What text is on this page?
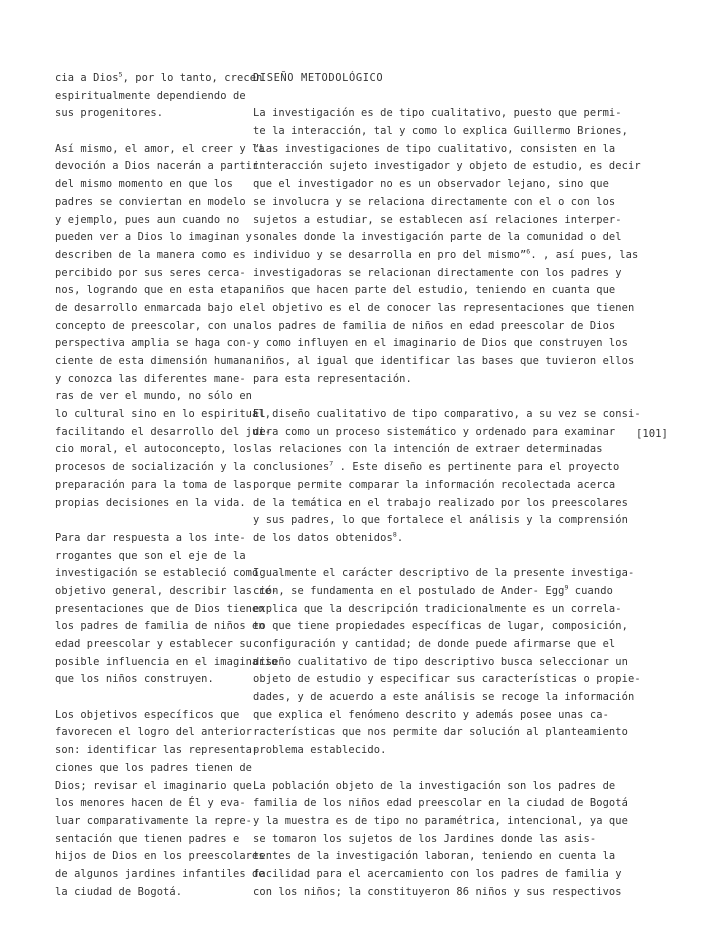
cia a Dios$^5$, por lo tanto, crecen
espiritualmente dependiendo de
sus progenitores.
Así mismo, el amor, el creer y la
devoción a Dios nacerán a partir
del mismo momento en que los
padres se conviertan en modelo
y ejemplo, pues aun cuando no
pueden ver a Dios lo imaginan y
describen de la manera como es
percibido por sus seres cerca-
nos, logrando que en esta etapa
de desarrollo enmarcada bajo el
concepto de preescolar, con una
perspectiva amplia se haga con-
ciente de esta dimensión humana
y conozca las diferentes mane-
ras de ver el mundo, no sólo en
lo cultural sino en lo espiritual,
facilitando el desarrollo del jui-
cio moral, el autoconcepto, los
procesos de socialización y la
preparación para la toma de las
propias decisiones en la vida.
Para dar respuesta a los inte-
rrogantes que son el eje de la
investigación se estableció como
objetivo general, describir las re-
presentaciones que de Dios tienen
los padres de familia de niños en
edad preescolar y establecer su
posible influencia en el imaginario
que los niños construyen.
Los objetivos específicos que
favorecen el logro del anterior
son: identificar las representa-
ciones que los padres tienen de
Dios; revisar el imaginario que
los menores hacen de Él y eva-
luar comparativamente la repre-
sentación que tienen padres e
hijos de Dios en los preescolares
de algunos jardines infantiles de
la ciudad de Bogotá.
DISEÑO METODOLÓGICO
La investigación es de tipo cualitativo, puesto que permi-
te la interacción, tal y como lo explica Guillermo Briones,
“Las investigaciones de tipo cualitativo, consisten en la
interacción sujeto investigador y objeto de estudio, es decir
que el investigador no es un observador lejano, sino que
se involucra y se relaciona directamente con el o con los
sujetos a estudiar, se establecen así relaciones interper-
sonales donde la investigación parte de la comunidad o del
individuo y se desarrolla en pro del mismo”$^6$. , así pues, las
investigadoras se relacionan directamente con los padres y
niños que hacen parte del estudio, teniendo en cuanta que
el objetivo es el de conocer las representaciones que tienen
los padres de familia de niños en edad preescolar de Dios
y como influyen en el imaginario de Dios que construyen los
niños, al igual que identificar las bases que tuvieron ellos
para esta representación.
El diseño cualitativo de tipo comparativo, a su vez se consi-
dera como un proceso sistemático y ordenado para examinar
las relaciones con la intención de extraer determinadas
conclusiones$^7$ . Este diseño es pertinente para el proyecto
porque permite comparar la información recolectada acerca
de la temática en el trabajo realizado por los preescolares
y sus padres, lo que fortalece el análisis y la comprensión
de los datos obtenidos$^8$.
Igualmente el carácter descriptivo de la presente investiga-
ción, se fundamenta en el postulado de Ander- Egg$^9$ cuando
explica que la descripción tradicionalmente es un correla-
to que tiene propiedades específicas de lugar, composición,
configuración y cantidad; de donde puede afirmarse que el
diseño cualitativo de tipo descriptivo busca seleccionar un
objeto de estudio y especificar sus características o propie-
dades, y de acuerdo a este análisis se recoge la información
que explica el fenómeno descrito y además posee unas ca-
racterísticas que nos permite dar solución al planteamiento
problema establecido.
La población objeto de la investigación son los padres de
familia de los niños edad preescolar en la ciudad de Bogotá
y la muestra es de tipo no paramétrica, intencional, ya que
se tomaron los sujetos de los Jardines donde las asis-
tentes de la investigación laboran, teniendo en cuenta la
facilidad para el acercamiento con los padres de familia y
con los niños; la constituyeron 86 niños y sus respectivos
[101]
